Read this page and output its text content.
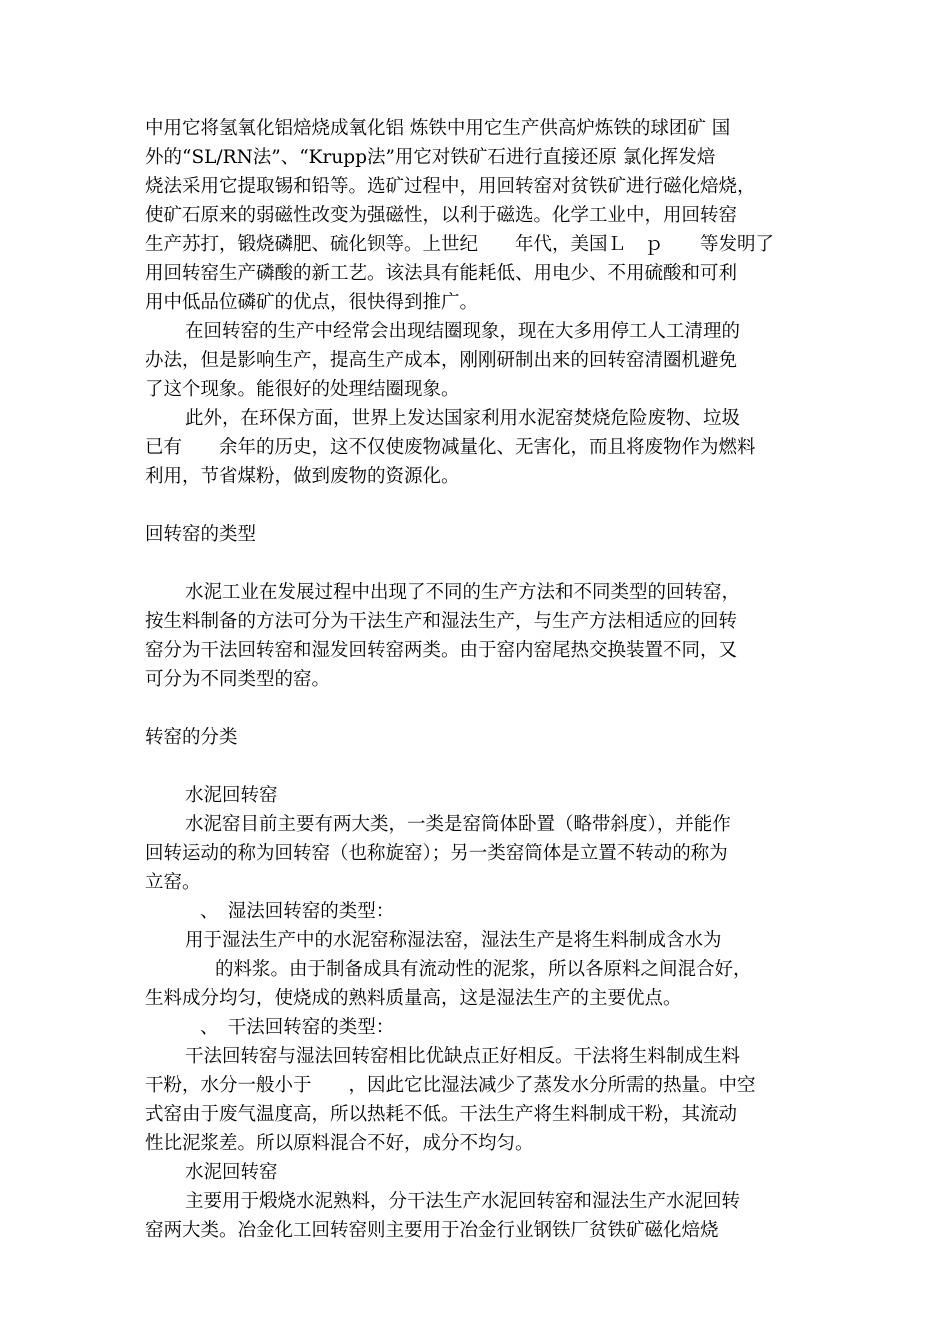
中用它将氢氧化铝焙烧成氧化铝 炼铁中用它生产供高炉炼铁的球团矿 国
外的“SL/RN法”、“Krupp法”用它对铁矿石进行直接还原 氯化挥发焙
烧法采用它提取锡和铅等。选矿过程中，用回转窑对贫铁矿进行磁化焙烧，
使矿石原来的弱磁性改变为强磁性，以利于磁选。化学工业中，用回转窑
生产苏打，锻烧磷肥、硫化钡等。上世纪　　年代，美国Ｌ　ｐ　　等发明了
用回转窑生产磷酸的新工艺。该法具有能耗低、用电少、不用硫酸和可利
用中低品位磷矿的优点，很快得到推广。
在回转窑的生产中经常会出现结圈现象，现在大多用停工人工清理的
办法，但是影响生产，提高生产成本，刚刚研制出来的回转窑清圈机避免
了这个现象。能很好的处理结圈现象。
此外，在环保方面，世界上发达国家利用水泥窑焚烧危险废物、垃圾
已有　　余年的历史，这不仅使废物减量化、无害化，而且将废物作为燃料
利用，节省煤粉，做到废物的资源化。
回转窑的类型
水泥工业在发展过程中出现了不同的生产方法和不同类型的回转窑，
按生料制备的方法可分为干法生产和湿法生产，与生产方法相适应的回转
窑分为干法回转窑和湿发回转窑两类。由于窑内窑尾热交换装置不同，又
可分为不同类型的窑。
转窑的分类
水泥回转窑
水泥窑目前主要有两大类，一类是窑筒体卧置（略带斜度），并能作
回转运动的称为回转窑（也称旋窑）；另一类窑筒体是立置不转动的称为
立窑。
、　湿法回转窑的类型：
用于湿法生产中的水泥窑称湿法窑，湿法生产是将生料制成含水为
的料浆。由于制备成具有流动性的泥浆，所以各原料之间混合好，
生料成分均匀，使烧成的熟料质量高，这是湿法生产的主要优点。
、　干法回转窑的类型：
干法回转窑与湿法回转窑相比优缺点正好相反。干法将生料制成生料
干粉，水分一般小于　　，因此它比湿法减少了蒸发水分所需的热量。中空
式窑由于废气温度高，所以热耗不低。干法生产将生料制成干粉，其流动
性比泥浆差。所以原料混合不好，成分不均匀。
水泥回转窑
主要用于煅烧水泥熟料，分干法生产水泥回转窑和湿法生产水泥回转
窑两大类。冶金化工回转窑则主要用于冶金行业钢铁厂贫铁矿磁化焙烧
